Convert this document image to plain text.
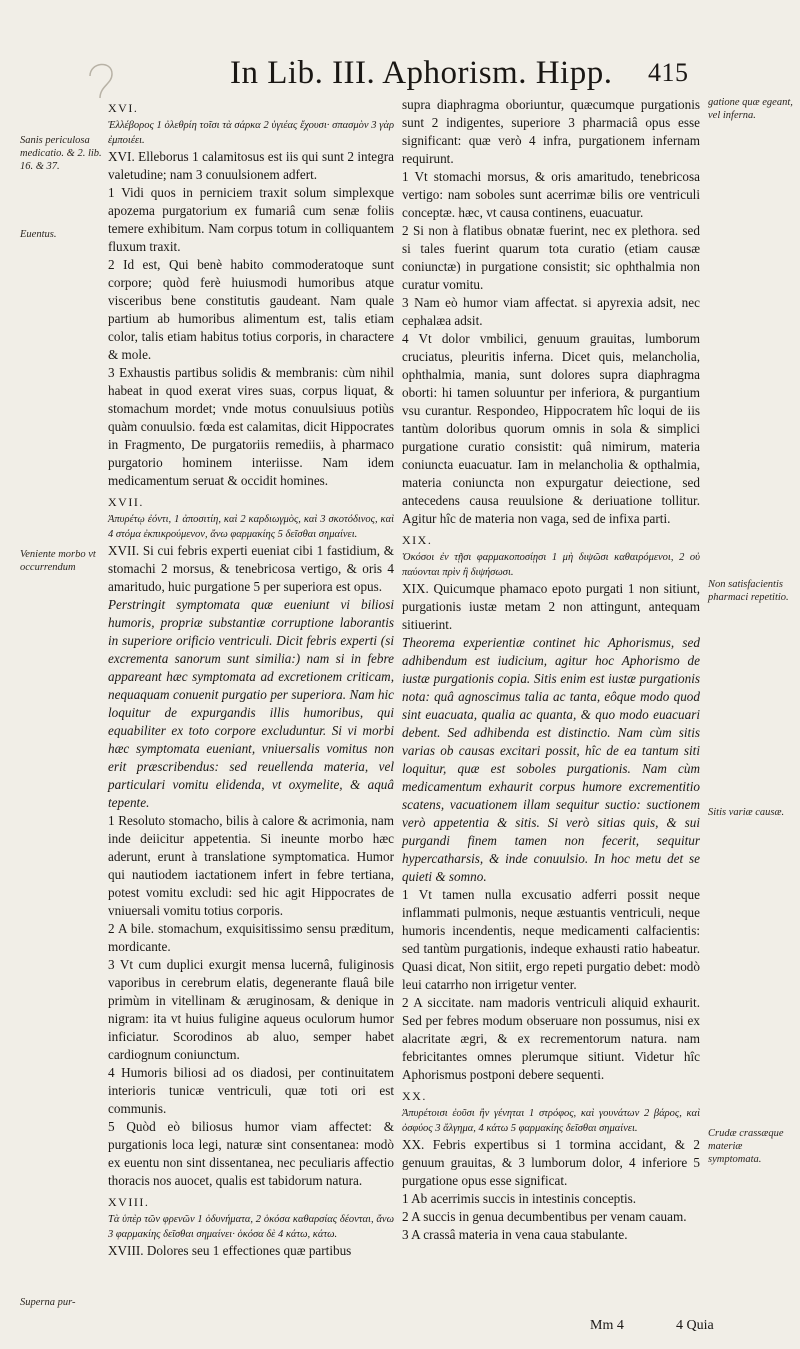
In Lib. III. Aphorism. Hipp. 415

XVI.

Ἐλλέβορος 1 ὀλεθρίη τοῖσι τὰ σάρκα 2 ὑγιέας ἔχουσι· σπασμὸν 3 γὰρ ἐμποιέει.

XVI. Elleborus 1 calamitosus est iis qui sunt 2 integra valetudine; nam 3 conuulsionem adfert.

1 Vidi quos in perniciem traxit solum simplexque apozema purgatorium ex fumariâ cum senæ foliis temere exhibitum. Nam corpus totum in colliquantem fluxum traxit.

2 Id est, Qui benè habito commoderatoque sunt corpore; quòd ferè huiusmodi humoribus atque visceribus bene constitutis gaudeant. Nam quale partium ab humoribus alimentum est, talis etiam color, talis etiam habitus totius corporis, in charactere & mole.

3 Exhaustis partibus solidis & membranis: cùm nihil habeat in quod exerat vires suas, corpus liquat, & stomachum mordet; vnde motus conuulsiuus potiùs quàm conuulsio. fœda est calamitas, dicit Hippocrates in Fragmento, De purgatoriis remediis, à pharmaco purgatorio hominem interiisse. Nam idem medicamentum seruat & occidit homines.

XVII.

Ἀπυρέτῳ ἐόντι, 1 ἀποσιτίη, καὶ 2 καρδιωγμὸς, καὶ 3 σκοτόδινος, καὶ 4 στόμα ἐκπικρούμενον, ἄνω φαρμακίης 5 δεῖσθαι σημαίνει.

XVII. Si cui febris experti eueniat cibi 1 fastidium, & stomachi 2 morsus, & tenebricosa vertigo, & oris 4 amaritudo, huic purgatione 5 per superiora est opus.

Perstringit symptomata quæ eueniunt vi biliosi humoris, propriæ substantiæ corruptione laborantis in superiore orificio ventriculi. Dicit febris experti (si excrementa sanorum sunt similia:) nam si in febre appareant hæc symptomata ad excretionem criticam, nequaquam conuenit purgatio per superiora. Nam hic loquitur de expurgandis illis humoribus, qui equabiliter ex toto corpore excluduntur. Si vi morbi hæc symptomata eueniant, vniuersalis vomitus non erit præscribendus: sed reuellenda materia, vel particulari vomitu elidenda, vt oxymelite, & aquâ tepente.

1 Resoluto stomacho, bilis à calore & acrimonia, nam inde deiicitur appetentia. Si ineunte morbo hæc aderunt, erunt à translatione symptomatica. Humor qui nautiodem iactationem infert in febre tertiana, potest vomitu excludi: sed hic agit Hippocrates de vniuersali vomitu totius corporis.

2 A bile. stomachum, exquisitissimo sensu præditum, mordicante.

3 Vt cum duplici exurgit mensa lucernâ, fuliginosis vaporibus in cerebrum elatis, degenerante flauâ bile primùm in vitellinam & æruginosam, & denique in nigram: ita vt huius fuligine aqueus oculorum humor inficiatur. Scorodinos ab aluo, semper habet cardiognum coniunctum.

4 Humoris biliosi ad os diadosi, per continuitatem interioris tunicæ ventriculi, quæ toti ori est communis.

5 Quòd eò biliosus humor viam affectet: & purgationis loca legi, naturæ sint consentanea: modò ex euentu non sint dissentanea, nec peculiaris affectio thoracis nos auocet, qualis est tabidorum natura.

XVIII.

Τὰ ὑπὲρ τῶν φρενῶν 1 ὀδυνήματα, 2 ὁκόσα καθαρσίας δέονται, ἄνω 3 φαρμακίης δεῖσθαι σημαίνει· ὁκόσα δὲ 4 κάτω, κάτω.

XVIII. Dolores seu 1 effectiones quæ partibus

supra diaphragma oboriuntur, quæcumque purgationis sunt 2 indigentes, superiore 3 pharmaciâ opus esse significant: quæ verò 4 infra, purgationem infernam requirunt.

1 Vt stomachi morsus, & oris amaritudo, tenebricosa vertigo: nam soboles sunt acerrimæ bilis ore ventriculi conceptæ. hæc, vt causa continens, euacuatur.

2 Si non à flatibus obnatæ fuerint, nec ex plethora. sed si tales fuerint quarum tota curatio (etiam causæ coniunctæ) in purgatione consistit; sic ophthalmia non curatur vomitu.

3 Nam eò humor viam affectat. si apyrexia adsit, nec cephalæa adsit.

4 Vt dolor vmbilici, genuum grauitas, lumborum cruciatus, pleuritis inferna. Dicet quis, melancholia, ophthalmia, mania, sunt dolores supra diaphragma oborti: hi tamen soluuntur per inferiora, & purgantium vsu curantur. Respondeo, Hippocratem hîc loqui de iis tantùm doloribus quorum omnis in sola & simplici purgatione curatio consistit: quâ nimirum, materia coniuncta euacuatur. Iam in melancholia & opthalmia, materia coniuncta non expurgatur deiectione, sed antecedens causa reuulsione & deriuatione tollitur. Agitur hîc de materia non vaga, sed de infixa parti.

XIX.

Ὁκόσοι ἐν τῇσι φαρμακοποσίῃσι 1 μὴ διψῶσι καθαιρόμενοι, 2 οὐ παύονται πρὶν ἢ διψήσωσι.

XIX. Quicumque phamaco epoto purgati 1 non sitiunt, purgationis iustæ metam 2 non attingunt, antequam sitiuerint.

Theorema experientiæ continet hic Aphorismus, sed adhibendum est iudicium, agitur hoc Aphorismo de iustæ purgationis copia. Sitis enim est iustæ purgationis nota: quâ agnoscimus talia ac tanta, eôque modo quod sint euacuata, qualia ac quanta, & quo modo euacuari debent. Sed adhibenda est distinctio. Nam cùm sitis varias ob causas excitari possit, hîc de ea tantum siti loquitur, quæ est soboles purgationis. Nam cùm medicamentum exhaurit corpus humore excrementitio scatens, vacuationem illam sequitur suctio: suctionem verò appetentia & sitis. Si verò sitias quis, & sui purgandi finem tamen non fecerit, sequitur hypercatharsis, & inde conuulsio. In hoc metu det se quieti & somno.

1 Vt tamen nulla excusatio adferri possit neque inflammati pulmonis, neque æstuantis ventriculi, neque humoris incendentis, neque medicamenti calfacientis: sed tantùm purgationis, indeque exhausti ratio habeatur. Quasi dicat, Non sitiit, ergo repeti purgatio debet: modò leui catarrho non irrigetur venter.

2 A siccitate. nam madoris ventriculi aliquid exhaurit. Sed per febres modum obseruare non possumus, nisi ex alacritate ægri, & ex recrementorum natura. nam febricitantes omnes plerumque sitiunt. Videtur hîc Aphorismus postponi debere sequenti.

XX.

Ἀπυρέτοισι ἐοῦσι ἢν γένηται 1 στρόφος, καὶ γουνάτων 2 βάρος, καὶ ὀσφύος 3 ἄλγημα, 4 κάτω 5 φαρμακίης δεῖσθαι σημαίνει.

XX. Febris expertibus si 1 tormina accidant, & 2 genuum grauitas, & 3 lumborum dolor, 4 inferiore 5 purgatione opus esse significat.

1 Ab acerrimis succis in intestinis conceptis.

2 A succis in genua decumbentibus per venam cauam.

3 A crassâ materia in vena caua stabulante.

Sanis periculosa medicatio. & 2. lib. 16. & 37.
Euentus.
Veniente morbo vt occurrendum
Superna pur-
gatione quæ egeant, vel inferna.
Non satisfacientis pharmaci repetitio.
Sitis variæ causæ.
Crudæ crassæque materiæ symptomata.
Mm 4	4 Quia
